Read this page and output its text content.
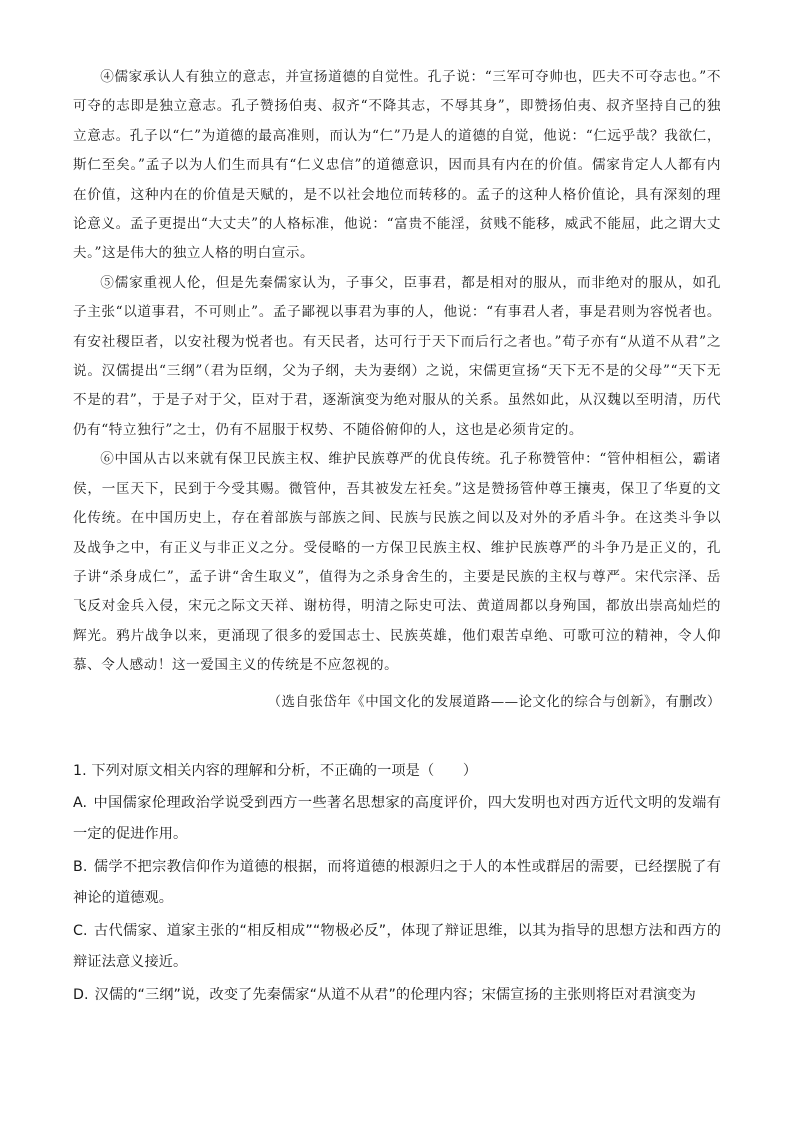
④儒家承认人有独立的意志，并宣扬道德的自觉性。孔子说：“三军可夺帅也，匹夫不可夺志也。”不可夺的志即是独立意志。孔子赞扬伯夷、叔齐“不降其志，不辱其身”，即赞扬伯夷、叔齐坚持自己的独立意志。孔子以“仁”为道德的最高准则，而认为“仁”乃是人的道德的自觉，他说：“仁远乎哉？我欲仁，斯仁至矣。”孟子以为人们生而具有“仁义忠信”的道德意识，因而具有内在的价值。儒家肯定人人都有内在价值，这种内在的价值是天赋的，是不以社会地位而转移的。孟子的这种人格价值论，具有深刻的理论意义。孟子更提出“大丈夫”的人格标准，他说：“富贵不能淫，贫贱不能移，威武不能屈，此之谓大丈夫。”这是伟大的独立人格的明白宣示。

⑤儒家重视人伦，但是先秦儒家认为，子事父，臣事君，都是相对的服从，而非绝对的服从，如孔子主张“以道事君，不可则止”。孟子鄙视以事君为事的人，他说：“有事君人者，事是君则为容悦者也。有安社稷臣者，以安社稷为悦者也。有天民者，达可行于天下而后行之者也。”荀子亦有“从道不从君”之说。汉儒提出“三纲”（君为臣纲，父为子纲，夫为妻纲）之说，宋儒更宣扬“天下无不是的父母”“天下无不是的君”，于是子对于父，臣对于君，逐渐演变为绝对服从的关系。虽然如此，从汉魏以至明清，历代仍有“特立独行”之士，仍有不屈服于权势、不随俗俯仰的人，这也是必须肯定的。

⑥中国从古以来就有保卫民族主权、维护民族尊严的优良传统。孔子称赞管仲：“管仲相桓公，霸诸侯，一匡天下，民到于今受其赐。微管仲，吾其被发左衽矣。”这是赞扬管仲尊王攘夷，保卫了华夏的文化传统。在中国历史上，存在着部族与部族之间、民族与民族之间以及对外的矛盾斗争。在这类斗争以及战争之中，有正义与非正义之分。受侵略的一方保卫民族主权、维护民族尊严的斗争乃是正义的，孔子讲“杀身成仁”，孟子讲“舍生取义”，值得为之杀身舍生的，主要是民族的主权与尊严。宋代宗泽、岳飞反对金兵入侵，宋元之际文天祥、谢枋得，明清之际史可法、黄道周都以身殉国，都放出崇高灿烂的辉光。鸦片战争以来，更涌现了很多的爱国志士、民族英雄，他们艰苦卓绝、可歌可泣的精神，令人仰慕、令人感动！这一爱国主义的传统是不应忽视的。

（选自张岱年《中国文化的发展道路——论文化的综合与创新》，有删改）

1. 下列对原文相关内容的理解和分析，不正确的一项是（　　）

A. 中国儒家伦理政治学说受到西方一些著名思想家的高度评价，四大发明也对西方近代文明的发端有一定的促进作用。

B. 儒学不把宗教信仰作为道德的根据，而将道德的根源归之于人的本性或群居的需要，已经摆脱了有神论的道德观。

C. 古代儒家、道家主张的“相反相成”“物极必反”，体现了辩证思维，以其为指导的思想方法和西方的辩证法意义接近。

D. 汉儒的“三纲”说，改变了先秦儒家“从道不从君”的伦理内容；宋儒宣扬的主张则将臣对君演变为
